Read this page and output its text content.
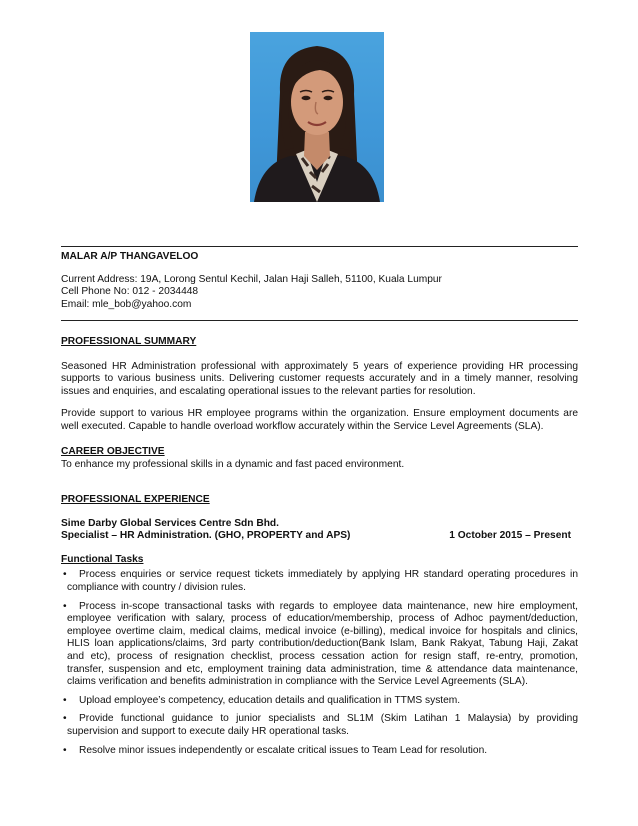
MALAR A/P THANGAVELOO
Current Address: 19A, Lorong Sentul Kechil, Jalan Haji Salleh, 51100, Kuala Lumpur
Cell Phone No: 012 - 2034448
Email: mle_bob@yahoo.com
PROFESSIONAL SUMMARY
Seasoned HR Administration professional with approximately 5 years of experience providing HR processing
supports to various business units. Delivering customer requests accurately and in a timely manner, resolving
issues and enquiries, and escalating operational issues to the relevant parties for resolution.
Provide support to various HR employee programs within the organization. Ensure employment documents are
well executed. Capable to handle overload workflow accurately within the Service Level Agreements (SLA).
CAREER OBJECTIVE
To enhance my professional skills in a dynamic and fast paced environment.
PROFESSIONAL EXPERIENCE
Sime Darby Global Services Centre Sdn Bhd.
Specialist – HR Administration. (GHO, PROPERTY and APS)	1 October 2015 – Present
Functional Tasks
• Process enquiries or service request tickets immediately by applying HR standard operating procedures in
compliance with country / division rules.
• Process in-scope transactional tasks with regards to employee data maintenance, new hire employment,
employee verification with salary, process of education/membership, process of Adhoc payment/deduction,
employee overtime claim, medical claims, medical invoice (e-billing), medical invoice for hospitals and clinics,
HLIS loan applications/claims, 3rd party contribution/deduction(Bank Islam, Bank Rakyat, Tabung Haji, Zakat
and etc), process of resignation checklist, process cessation action for resign staff, re-entry, promotion,
transfer, suspension and etc, employment training data administration, time & attendance data maintenance,
claims verification and benefits administration in compliance with the Service Level Agreements (SLA).
• Upload employee’s competency, education details and qualification in TTMS system.
• Provide functional guidance to junior specialists and SL1M (Skim Latihan 1 Malaysia) by providing
supervision and support to execute daily HR operational tasks.
• Resolve minor issues independently or escalate critical issues to Team Lead for resolution.
